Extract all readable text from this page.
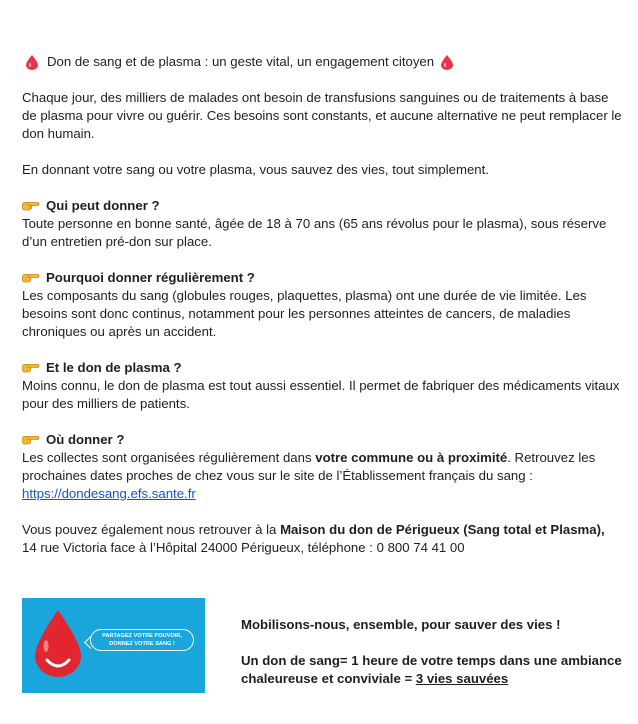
Don de sang et de plasma : un geste vital, un engagement citoyen

Chaque jour, des milliers de malades ont besoin de transfusions sanguines ou de traitements à base de plasma pour vivre ou guérir. Ces besoins sont constants, et aucune alternative ne peut remplacer le don humain.

En donnant votre sang ou votre plasma, vous sauvez des vies, tout simplement.

Qui peut donner ?

Toute personne en bonne santé, âgée de 18 à 70 ans (65 ans révolus pour le plasma), sous réserve d’un entretien pré-don sur place.

Pourquoi donner régulièrement ?

Les composants du sang (globules rouges, plaquettes, plasma) ont une durée de vie limitée. Les besoins sont donc continus, notamment pour les personnes atteintes de cancers, de maladies chroniques ou après un accident.

Et le don de plasma ?

Moins connu, le don de plasma est tout aussi essentiel. Il permet de fabriquer des médicaments vitaux pour des milliers de patients.

Où donner ?

Les collectes sont organisées régulièrement dans votre commune ou à proximité. Retrouvez les prochaines dates proches de chez vous sur le site de l’Établissement français du sang :
https://dondesang.efs.sante.fr

Vous pouvez également nous retrouver à la Maison du don de Périgueux (Sang total et Plasma), 14 rue Victoria face à l’Hôpital 24000 Périgueux, téléphone : 0 800 74 41 00

PARTAGEZ VOTRE POUVOIR,
DONNEZ VOTRE SANG !

Mobilisons-nous, ensemble, pour sauver des vies !

Un don de sang= 1 heure de votre temps dans une ambiance chaleureuse et conviviale = 3 vies sauvées
